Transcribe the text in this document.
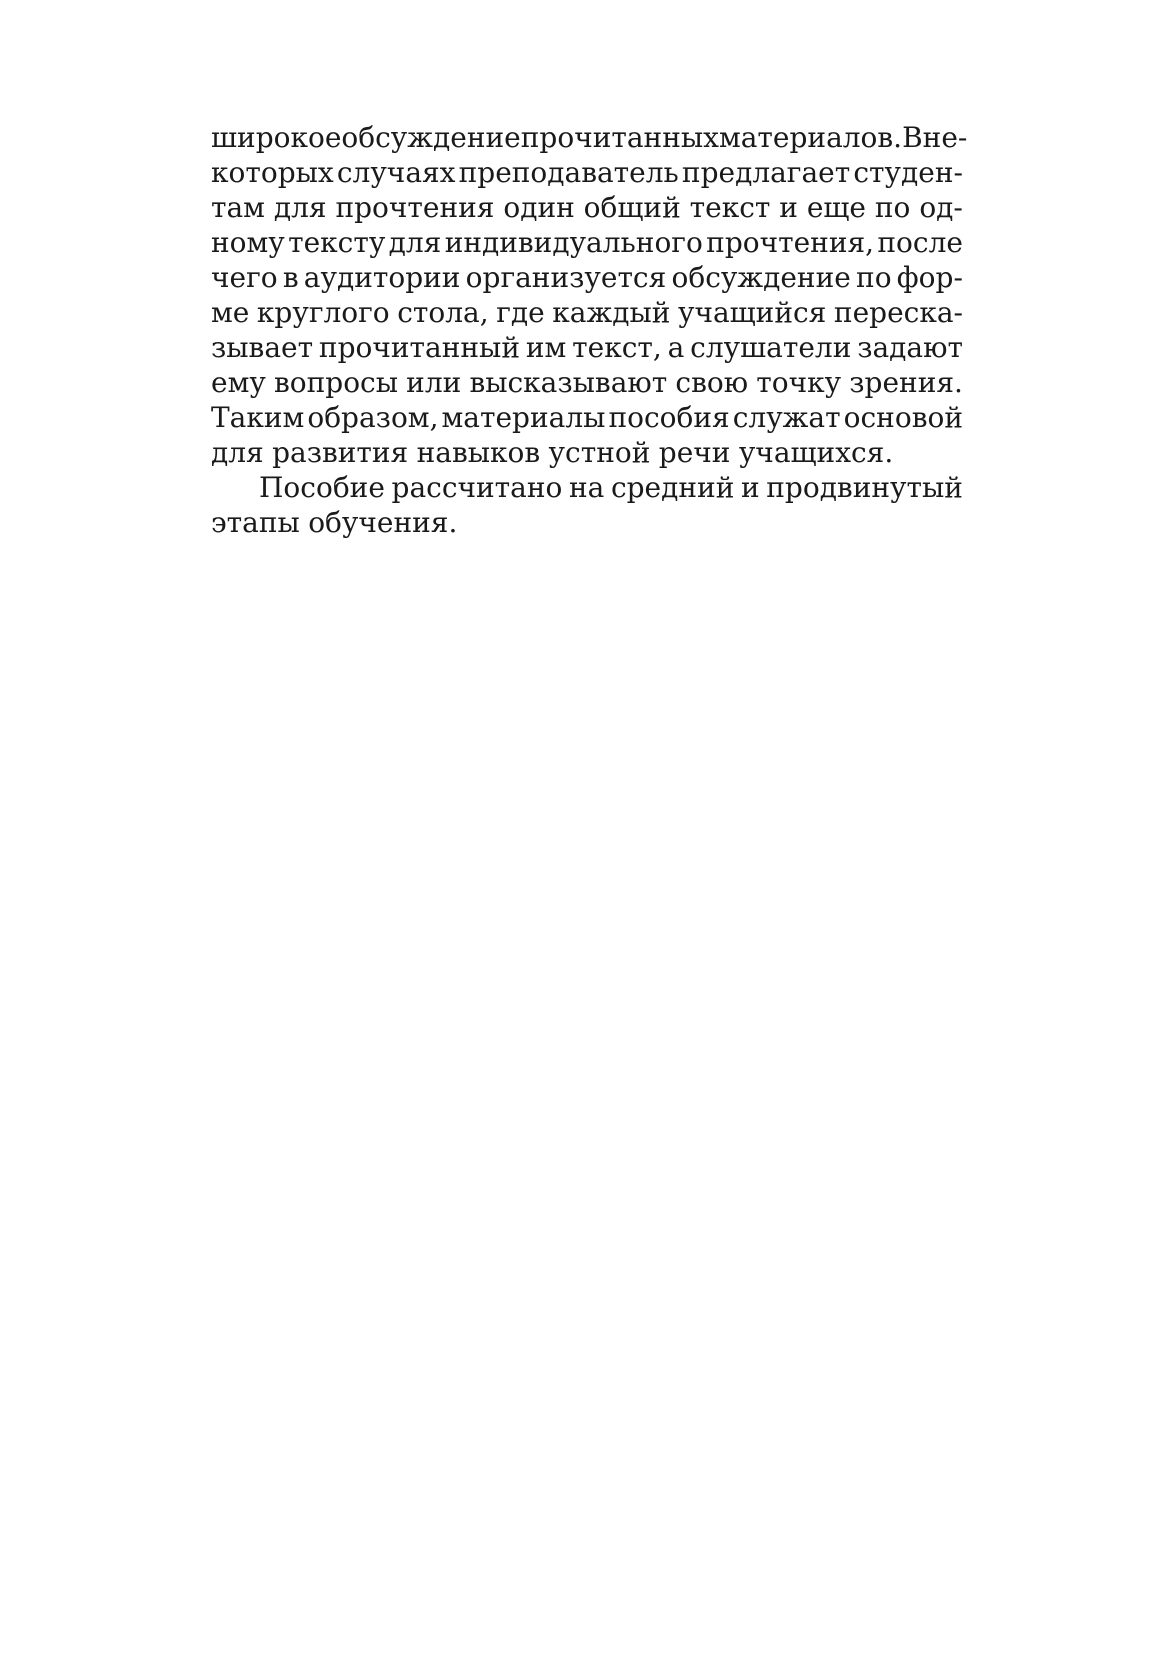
широкое обсуждение прочитанных материалов. В не-
которых случаях преподаватель предлагает студен-
там для прочтения один общий текст и еще по од-
ному тексту для индивидуального прочтения, после
чего в аудитории организуется обсуждение по фор-
ме круглого стола, где каждый учащийся переска-
зывает прочитанный им текст, а слушатели задают
ему вопросы или высказывают свою точку зрения.
Таким образом, материалы пособия служат основой
для развития навыков устной речи учащихся.
Пособие рассчитано на средний и продвинутый
этапы обучения.
